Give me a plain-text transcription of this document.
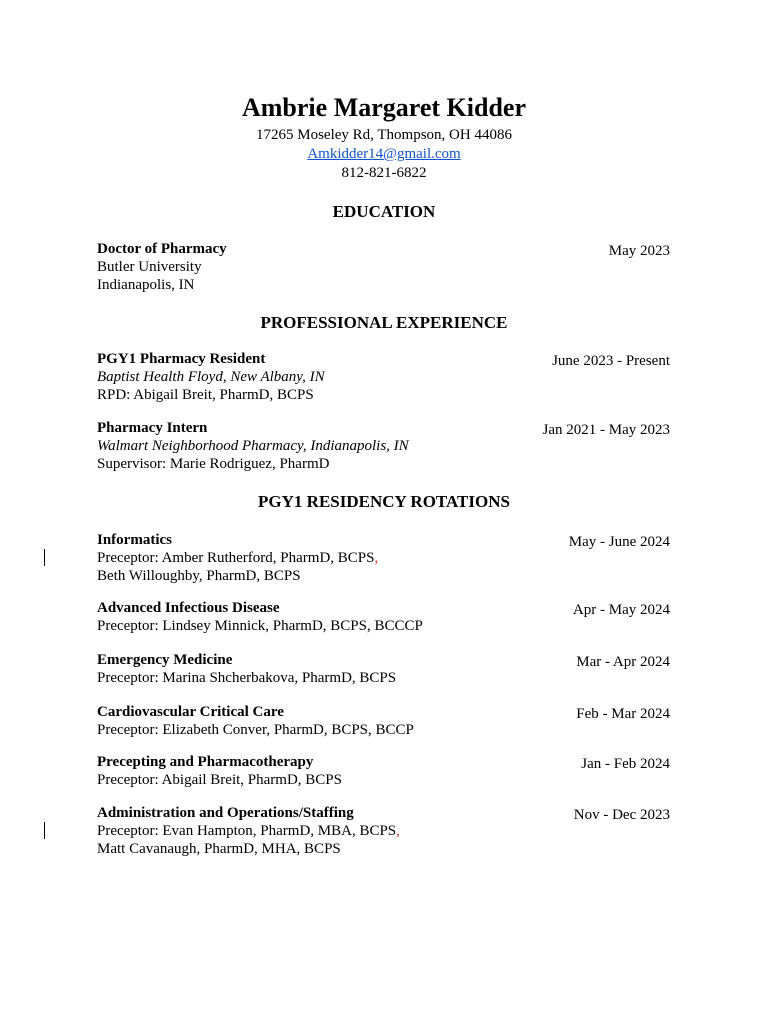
Ambrie Margaret Kidder
17265 Moseley Rd, Thompson, OH 44086
Amkidder14@gmail.com
812-821-6822
EDUCATION
Doctor of Pharmacy	May 2023
Butler University
Indianapolis, IN
PROFESSIONAL EXPERIENCE
PGY1 Pharmacy Resident	June 2023 - Present
Baptist Health Floyd, New Albany, IN
RPD: Abigail Breit, PharmD, BCPS
Pharmacy Intern	Jan 2021 - May 2023
Walmart Neighborhood Pharmacy, Indianapolis, IN
Supervisor: Marie Rodriguez, PharmD
PGY1 RESIDENCY ROTATIONS
Informatics	May - June 2024
Preceptor: Amber Rutherford, PharmD, BCPS,
Beth Willoughby, PharmD, BCPS
Advanced Infectious Disease	Apr - May 2024
Preceptor: Lindsey Minnick, PharmD, BCPS, BCCCP
Emergency Medicine	Mar - Apr 2024
Preceptor: Marina Shcherbakova, PharmD, BCPS
Cardiovascular Critical Care	Feb - Mar 2024
Preceptor: Elizabeth Conver, PharmD, BCPS, BCCP
Precepting and Pharmacotherapy	Jan - Feb 2024
Preceptor: Abigail Breit, PharmD, BCPS
Administration and Operations/Staffing	Nov - Dec 2023
Preceptor: Evan Hampton, PharmD, MBA, BCPS,
Matt Cavanaugh, PharmD, MHA, BCPS
